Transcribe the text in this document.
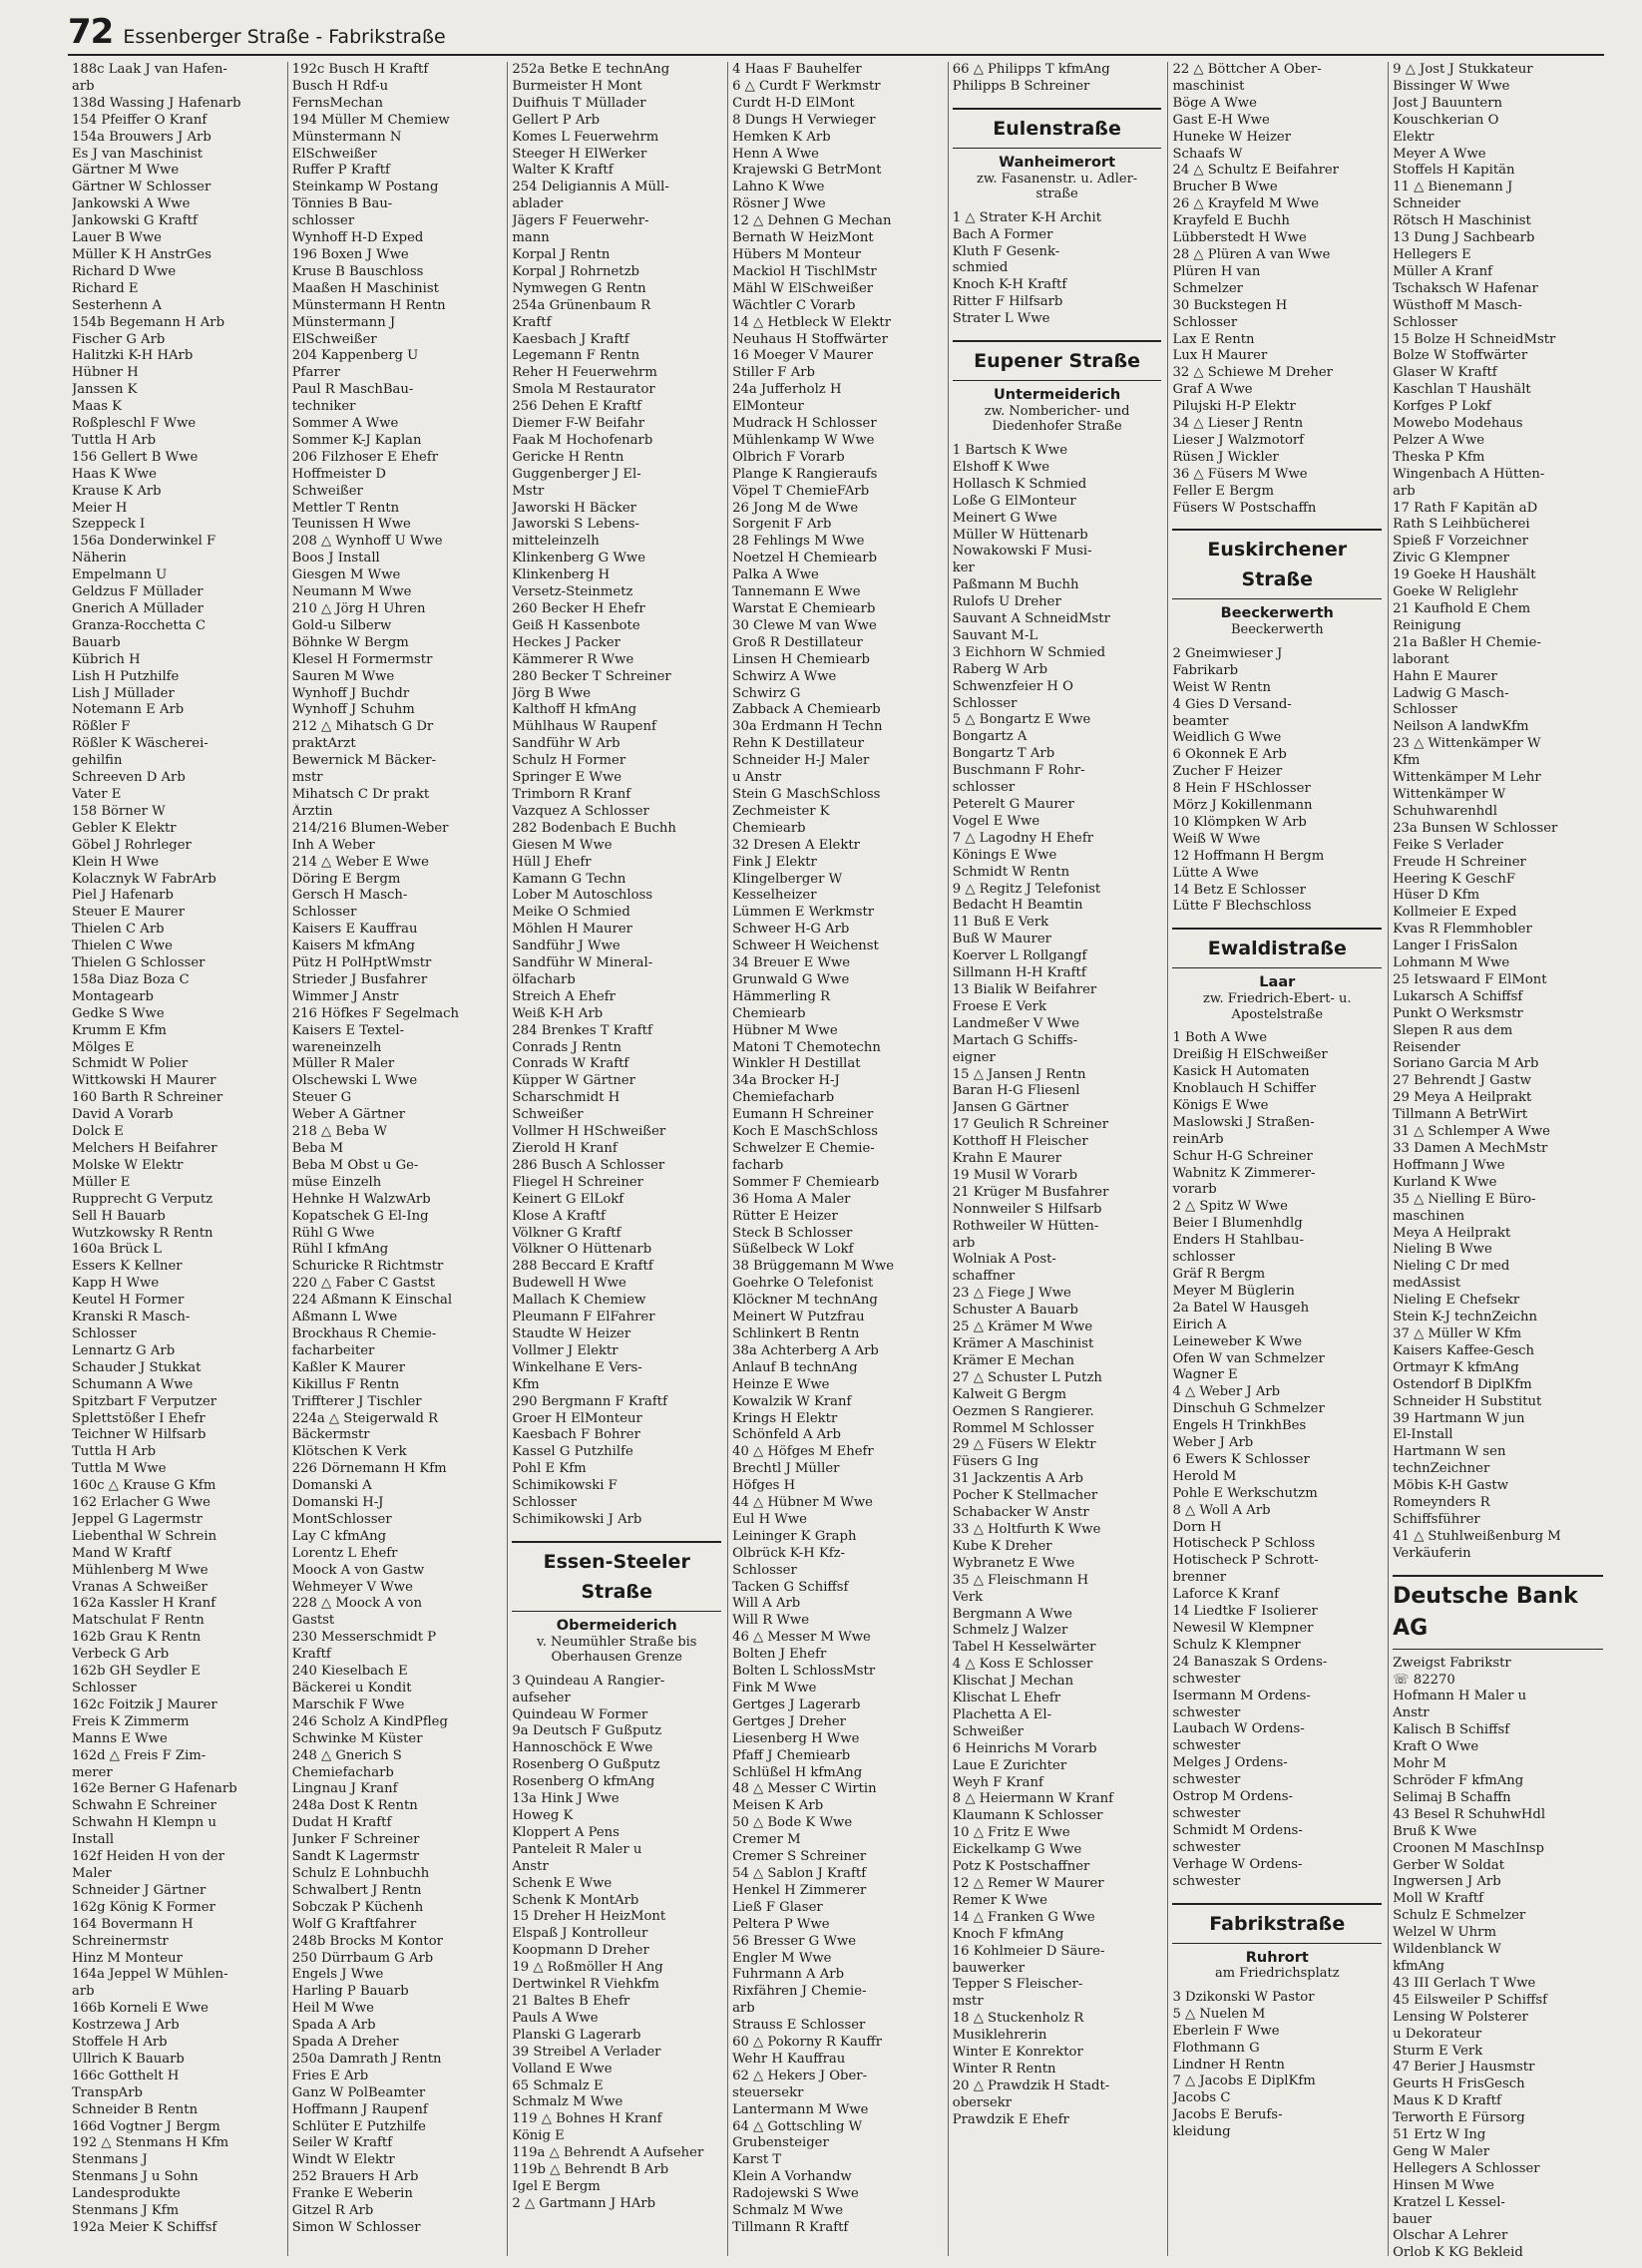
72 Essenberger Straße - Fabrikstraße
188c Laak J van Hafen-
arb
138d Wassing J Hafenarb
154 Pfeiffer O Kranf
154a Brouwers J Arb
Es J van Maschinist
Gärtner M Wwe
Gärtner W Schlosser
Jankowski A Wwe
Jankowski G Kraftf
Lauer B Wwe
Müller K H AnstrGes
Richard D Wwe
Richard E
Sesterhenn A
154b Begemann H Arb
Fischer G Arb
Halitzki K-H HArb
Hübner H
Janssen K
Maas K
Roßpleschl F Wwe
Tuttla H Arb
156 Gellert B Wwe
Haas K Wwe
Krause K Arb
Meier H
Szeppeck I
156a Donderwinkel F
Näherin
Empelmann U
Geldzus F Müllader
Gnerich A Müllader
Granza-Rocchetta C
Bauarb
Kübrich H
Lish H Putzhilfe
Lish J Müllader
Notemann E Arb
Rößler F
Rößler K Wäscherei-
gehilfin
Schreeven D Arb
Vater E
158 Börner W
Gebler K Elektr
Göbel J Rohrleger
Klein H Wwe
Kolacznyk W FabrArb
Piel J Hafenarb
Steuer E Maurer
Thielen C Arb
Thielen C Wwe
Thielen G Schlosser
158a Diaz Boza C
Montagearb
Gedke S Wwe
Krumm E Kfm
Mölges E
Schmidt W Polier
Wittkowski H Maurer
160 Barth R Schreiner
David A Vorarb
Dolck E
Melchers H Beifahrer
Molske W Elektr
Müller E
Rupprecht G Verputz
Sell H Bauarb
Wutzkowsky R Rentn
160a Brück L
Essers K Kellner
Kapp H Wwe
Keutel H Former
Kranski R Masch-
Schlosser
Lennartz G Arb
Schauder J Stukkat
Schumann A Wwe
Spitzbart F Verputzer
Splettstößer I Ehefr
Teichner W Hilfsarb
Tuttla H Arb
Tuttla M Wwe
160c △ Krause G Kfm
162 Erlacher G Wwe
Jeppel G Lagermstr
Liebenthal W Schrein
Mand W Kraftf
Mühlenberg M Wwe
Vranas A Schweißer
162a Kassler H Kranf
Matschulat F Rentn
162b Grau K Rentn
Verbeck G Arb
162b GH Seydler E
Schlosser
162c Foitzik J Maurer
Freis K Zimmerm
Manns E Wwe
162d △ Freis F Zim-
merer
162e Berner G Hafenarb
Schwahn E Schreiner
Schwahn H Klempn u
Install
162f Heiden H von der
Maler
Schneider J Gärtner
162g König K Former
164 Bovermann H
Schreinermstr
Hinz M Monteur
164a Jeppel W Mühlen-
arb
166b Korneli E Wwe
Kostrzewa J Arb
Stoffele H Arb
Ullrich K Bauarb
166c Gotthelt H
TranspArb
Schneider B Rentn
166d Vogtner J Bergm
192 △ Stenmans H Kfm
Stenmans J
Stenmans J u Sohn
Landesprodukte
Stenmans J Kfm
192a Meier K Schiffsf
192c Busch H Kraftf
Busch H Rdf-u
FernsMechan
194 Müller M Chemiew
Münstermann N
ElSchweißer
Ruffer P Kraftf
Steinkamp W Postang
Tönnies B Bau-
schlosser
Wynhoff H-D Exped
196 Boxen J Wwe
Kruse B Bauschloss
Maaßen H Maschinist
Münstermann H Rentn
Münstermann J
ElSchweißer
204 Kappenberg U
Pfarrer
Paul R MaschBau-
techniker
Sommer A Wwe
Sommer K-J Kaplan
206 Filzhoser E Ehefr
Hoffmeister D
Schweißer
Mettler T Rentn
Teunissen H Wwe
208 △ Wynhoff U Wwe
Boos J Install
Giesgen M Wwe
Neumann M Wwe
210 △ Jörg H Uhren
Gold-u Silberw
Böhnke W Bergm
Klesel H Formermstr
Sauren M Wwe
Wynhoff J Buchdr
Wynhoff J Schuhm
212 △ Mihatsch G Dr
praktArzt
Bewernick M Bäcker-
mstr
Mihatsch C Dr prakt
Ärztin
214/216 Blumen-Weber
Inh A Weber
214 △ Weber E Wwe
Döring E Bergm
Gersch H Masch-
Schlosser
Kaisers E Kauffrau
Kaisers M kfmAng
Pütz H PolHptWmstr
Strieder J Busfahrer
Wimmer J Anstr
216 Höfkes F Segelmach
Kaisers E Textel-
wareneinzelh
Müller R Maler
Olschewski L Wwe
Steuer G
Weber A Gärtner
218 △ Beba W
Beba M
Beba M Obst u Ge-
müse Einzelh
Hehnke H WalzwArb
Kopatschek G El-Ing
Rühl G Wwe
Rühl I kfmAng
Schuricke R Richtmstr
220 △ Faber C Gastst
224 Aßmann K Einschal
Aßmann L Wwe
Brockhaus R Chemie-
facharbeiter
Kaßler K Maurer
Kikillus F Rentn
Triffterer J Tischler
224a △ Steigerwald R
Bäckermstr
Klötschen K Verk
226 Dörnemann H Kfm
Domanski A
Domanski H-J
MontSchlosser
Lay C kfmAng
Lorentz L Ehefr
Moock A von Gastw
Wehmeyer V Wwe
228 △ Moock A von
Gastst
230 Messerschmidt P
Kraftf
240 Kieselbach E
Bäckerei u Kondit
Marschik F Wwe
246 Scholz A KindPfleg
Schwinke M Küster
248 △ Gnerich S
Chemiefacharb
Lingnau J Kranf
248a Dost K Rentn
Dudat H Kraftf
Junker F Schreiner
Sandt K Lagermstr
Schulz E Lohnbuchh
Schwalbert J Rentn
Sobczak P Küchenh
Wolf G Kraftfahrer
248b Brocks M Kontor
250 Dürrbaum G Arb
Engels J Wwe
Harling P Bauarb
Heil M Wwe
Spada A Arb
Spada A Dreher
250a Damrath J Rentn
Fries E Arb
Ganz W PolBeamter
Hoffmann J Raupenf
Schlüter E Putzhilfe
Seiler W Kraftf
Windt W Elektr
252 Brauers H Arb
Franke E Weberin
Gitzel R Arb
Simon W Schlosser
252a Betke E technAng
Burmeister H Mont
Duifhuis T Müllader
Gellert P Arb
Komes L Feuerwehrm
Steeger H ElWerker
Walter K Kraftf
254 Deligiannis A Müll-
ablader
Jägers F Feuerwehr-
mann
Korpal J Rentn
Korpal J Rohrnetzb
Nymwegen G Rentn
254a Grünenbaum R
Kraftf
Kaesbach J Kraftf
Legemann F Rentn
Reher H Feuerwehrm
Smola M Restaurator
256 Dehen E Kraftf
Diemer F-W Beifahr
Faak M Hochofenarb
Gericke H Rentn
Guggenberger J El-
Mstr
Jaworski H Bäcker
Jaworski S Lebens-
mitteleinzelh
Klinkenberg G Wwe
Klinkenberg H
Versetz-Steinmetz
260 Becker H Ehefr
Geiß H Kassenbote
Heckes J Packer
Kämmerer R Wwe
280 Becker T Schreiner
Jörg B Wwe
Kalthoff H kfmAng
Mühlhaus W Raupenf
Sandführ W Arb
Schulz H Former
Springer E Wwe
Trimborn R Kranf
Vazquez A Schlosser
282 Bodenbach E Buchh
Giesen M Wwe
Hüll J Ehefr
Kamann G Techn
Lober M Autoschloss
Meike O Schmied
Möhlen H Maurer
Sandführ J Wwe
Sandführ W Mineral-
ölfacharb
Streich A Ehefr
Weiß K-H Arb
284 Brenkes T Kraftf
Conrads J Rentn
Conrads W Kraftf
Küpper W Gärtner
Scharschmidt H
Schweißer
Vollmer H HSchweißer
Zierold H Kranf
286 Busch A Schlosser
Fliegel H Schreiner
Keinert G ElLokf
Klose A Kraftf
Völkner G Kraftf
Völkner O Hüttenarb
288 Beccard E Kraftf
Budewell H Wwe
Mallach K Chemiew
Pleumann F ElFahrer
Staudte W Heizer
Vollmer J Elektr
Winkelhane E Vers-
Kfm
290 Bergmann F Kraftf
Groer H ElMonteur
Kaesbach F Bohrer
Kassel G Putzhilfe
Pohl E Kfm
Schimikowski F
Schlosser
Schimikowski J Arb
Essen-Steeler Straße
Obermeiderich
v. Neumühler Straße bis
Oberhausen Grenze
3 Quindeau A Rangier-
aufseher
Quindeau W Former
9a Deutsch F Gußputz
Hannoschöck E Wwe
Rosenberg O Gußputz
Rosenberg O kfmAng
13a Hink J Wwe
Howeg K
Kloppert A Pens
Panteleit R Maler u
Anstr
Schenk E Wwe
Schenk K MontArb
15 Dreher H HeizMont
Elspaß J Kontrolleur
Koopmann D Dreher
19 △ Roßmöller H Ang
Dertwinkel R Viehkfm
21 Baltes B Ehefr
Pauls A Wwe
Planski G Lagerarb
39 Streibel A Verlader
Volland E Wwe
65 Schmalz E
Schmalz M Wwe
119 △ Bohnes H Kranf
König E
119a △ Behrendt A Aufseher
119b △ Behrendt B Arb
Igel E Bergm
2 △ Gartmann J HArb
4 Haas F Bauhelfer
6 △ Curdt F Werkmstr
Curdt H-D ElMont
8 Dungs H Verwieger
Hemken K Arb
Henn A Wwe
Krajewski G BetrMont
Lahno K Wwe
Rösner J Wwe
12 △ Dehnen G Mechan
Bernath W HeizMont
Hübers M Monteur
Mackiol H TischlMstr
Mähl W ElSchweißer
Wächtler C Vorarb
14 △ Hetbleck W Elektr
Neuhaus H Stoffwärter
16 Moeger V Maurer
Stiller F Arb
24a Jufferholz H
ElMonteur
Mudrack H Schlosser
Mühlenkamp W Wwe
Olbrich F Vorarb
Plange K Rangieraufs
Vöpel T ChemieFArb
26 Jong M de Wwe
Sorgenit F Arb
28 Fehlings M Wwe
Noetzel H Chemiearb
Palka A Wwe
Tannemann E Wwe
Warstat E Chemiearb
30 Clewe M van Wwe
Groß R Destillateur
Linsen H Chemiearb
Schwirz A Wwe
Schwirz G
Zabback A Chemiearb
30a Erdmann H Techn
Rehn K Destillateur
Schneider H-J Maler
u Anstr
Stein G MaschSchloss
Zechmeister K
Chemiearb
32 Dresen A Elektr
Fink J Elektr
Klingelberger W
Kesselheizer
Lümmen E Werkmstr
Schweer H-G Arb
Schweer H Weichenst
34 Breuer E Wwe
Grunwald G Wwe
Hämmerling R
Chemiearb
Hübner M Wwe
Matoni T Chemotechn
Winkler H Destillat
34a Brocker H-J
Chemiefacharb
Eumann H Schreiner
Koch E MaschSchloss
Schwelzer E Chemie-
facharb
Sommer F Chemiearb
36 Homa A Maler
Rütter E Heizer
Steck B Schlosser
Süßelbeck W Lokf
38 Brüggemann M Wwe
Goehrke O Telefonist
Klöckner M technAng
Meinert W Putzfrau
Schlinkert B Rentn
38a Achterberg A Arb
Anlauf B technAng
Heinze E Wwe
Kowalzik W Kranf
Krings H Elektr
Schönfeld A Arb
40 △ Höfges M Ehefr
Brechtl J Müller
Höfges H
44 △ Hübner M Wwe
Eul H Wwe
Leininger K Graph
Olbrück K-H Kfz-
Schlosser
Tacken G Schiffsf
Will A Arb
Will R Wwe
46 △ Messer M Wwe
Bolten J Ehefr
Bolten L SchlossMstr
Fink M Wwe
Gertges J Lagerarb
Gertges J Dreher
Liesenberg H Wwe
Pfaff J Chemiearb
Schlüßel H kfmAng
48 △ Messer C Wirtin
Meisen K Arb
50 △ Bode K Wwe
Cremer M
Cremer S Schreiner
54 △ Sablon J Kraftf
Henkel H Zimmerer
Ließ F Glaser
Peltera P Wwe
56 Bresser G Wwe
Engler M Wwe
Fuhrmann A Arb
Rixfähren J Chemie-
arb
Strauss E Schlosser
60 △ Pokorny R Kauffr
Wehr H Kauffrau
62 △ Hekers J Ober-
steuersekr
Lantermann M Wwe
64 △ Gottschling W
Grubensteiger
Karst T
Klein A Vorhandw
Radojewski S Wwe
Schmalz M Wwe
Tillmann R Kraftf
66 △ Philipps T kfmAng
Philipps B Schreiner
Eulenstraße
Wanheimerort
zw. Fasanenstr. u. Adler-
straße
1 △ Strater K-H Archit
Bach A Former
Kluth F Gesenk-
schmied
Knoch K-H Kraftf
Ritter F Hilfsarb
Strater L Wwe
Eupener Straße
Untermeiderich
zw. Nombericher- und
Diedenhofer Straße
1 Bartsch K Wwe
Elshoff K Wwe
Hollasch K Schmied
Loße G ElMonteur
Meinert G Wwe
Müller W Hüttenarb
Nowakowski F Musi-
ker
Paßmann M Buchh
Rulofs U Dreher
Sauvant A SchneidMstr
Sauvant M-L
3 Eichhorn W Schmied
Raberg W Arb
Schwenzfeier H O
Schlosser
5 △ Bongartz E Wwe
Bongartz A
Bongartz T Arb
Buschmann F Rohr-
schlosser
Peterelt G Maurer
Vogel E Wwe
7 △ Lagodny H Ehefr
Könings E Wwe
Schmidt W Rentn
9 △ Regitz J Telefonist
Bedacht H Beamtin
11 Buß E Verk
Buß W Maurer
Koerver L Rollgangf
Sillmann H-H Kraftf
13 Bialik W Beifahrer
Froese E Verk
Landmeßer V Wwe
Martach G Schiffs-
eigner
15 △ Jansen J Rentn
Baran H-G Fliesenl
Jansen G Gärtner
17 Geulich R Schreiner
Kotthoff H Fleischer
Krahn E Maurer
19 Musil W Vorarb
21 Krüger M Busfahrer
Nonnweiler S Hilfsarb
Rothweiler W Hütten-
arb
Wolniak A Post-
schaffner
23 △ Fiege J Wwe
Schuster A Bauarb
25 △ Krämer M Wwe
Krämer A Maschinist
Krämer E Mechan
27 △ Schuster L Putzh
Kalweit G Bergm
Oezmen S Rangierer.
Rommel M Schlosser
29 △ Füsers W Elektr
Füsers G Ing
31 Jackzentis A Arb
Pocher K Stellmacher
Schabacker W Anstr
33 △ Holtfurth K Wwe
Kube K Dreher
Wybranetz E Wwe
35 △ Fleischmann H
Verk
Bergmann A Wwe
Schmelz J Walzer
Tabel H Kesselwärter
4 △ Koss E Schlosser
Klischat J Mechan
Klischat L Ehefr
Plachetta A El-
Schweißer
6 Heinrichs M Vorarb
Laue E Zurichter
Weyh F Kranf
8 △ Heiermann W Kranf
Klaumann K Schlosser
10 △ Fritz E Wwe
Eickelkamp G Wwe
Potz K Postschaffner
12 △ Remer W Maurer
Remer K Wwe
14 △ Franken G Wwe
Knoch F kfmAng
16 Kohlmeier D Säure-
bauwerker
Tepper S Fleischer-
mstr
18 △ Stuckenholz R
Musiklehrerin
Winter E Konrektor
Winter R Rentn
20 △ Prawdzik H Stadt-
obersekr
Prawdzik E Ehefr
22 △ Böttcher A Ober-
maschinist
Böge A Wwe
Gast E-H Wwe
Huneke W Heizer
Schaafs W
24 △ Schultz E Beifahrer
Brucher B Wwe
26 △ Krayfeld M Wwe
Krayfeld E Buchh
Lübberstedt H Wwe
28 △ Plüren A van Wwe
Plüren H van
Schmelzer
30 Buckstegen H
Schlosser
Lax E Rentn
Lux H Maurer
32 △ Schiewe M Dreher
Graf A Wwe
Pilujski H-P Elektr
34 △ Lieser J Rentn
Lieser J Walzmotorf
Rüsen J Wickler
36 △ Füsers M Wwe
Feller E Bergm
Füsers W Postschaffn
Euskirchener Straße
Beeckerwerth
Beeckerwerth
2 Gneimwieser J
Fabrikarb
Weist W Rentn
4 Gies D Versand-
beamter
Weidlich G Wwe
6 Okonnek E Arb
Zucher F Heizer
8 Hein F HSchlosser
Mörz J Kokillenmann
10 Klömpken W Arb
Weiß W Wwe
12 Hoffmann H Bergm
Lütte A Wwe
14 Betz E Schlosser
Lütte F Blechschloss
Ewaldistraße
Laar
zw. Friedrich-Ebert- u.
Apostelstraße
1 Both A Wwe
Dreißig H ElSchweißer
Kasick H Automaten
Knoblauch H Schiffer
Königs E Wwe
Maslowski J Straßen-
reinArb
Schur H-G Schreiner
Wabnitz K Zimmerer-
vorarb
2 △ Spitz W Wwe
Beier I Blumenhdlg
Enders H Stahlbau-
schlosser
Gräf R Bergm
Meyer M Büglerin
2a Batel W Hausgeh
Eirich A
Leineweber K Wwe
Ofen W van Schmelzer
Wagner E
4 △ Weber J Arb
Dinschuh G Schmelzer
Engels H TrinkhBes
Weber J Arb
6 Ewers K Schlosser
Herold M
Pohle E Werkschutzm
8 △ Woll A Arb
Dorn H
Hotischeck P Schloss
Hotischeck P Schrott-
brenner
Laforce K Kranf
14 Liedtke F Isolierer
Newesil W Klempner
Schulz K Klempner
24 Banaszak S Ordens-
schwester
Isermann M Ordens-
schwester
Laubach W Ordens-
schwester
Melges J Ordens-
schwester
Ostrop M Ordens-
schwester
Schmidt M Ordens-
schwester
Verhage W Ordens-
schwester
Fabrikstraße
Ruhrort
am Friedrichsplatz
3 Dzikonski W Pastor
5 △ Nuelen M
Eberlein F Wwe
Flothmann G
Lindner H Rentn
7 △ Jacobs E DiplKfm
Jacobs C
Jacobs E Berufs-
kleidung
9 △ Jost J Stukkateur
Bissinger W Wwe
Jost J Bauuntern
Kouschkerian O
Elektr
Meyer A Wwe
Stoffels H Kapitän
11 △ Bienemann J
Schneider
Rötsch H Maschinist
13 Dung J Sachbearb
Hellegers E
Müller A Kranf
Tschaksch W Hafenar
Wüsthoff M Masch-
Schlosser
15 Bolze H SchneidMstr
Bolze W Stoffwärter
Glaser W Kraftf
Kaschlan T Haushält
Korfges P Lokf
Mowebo Modehaus
Pelzer A Wwe
Theska P Kfm
Wingenbach A Hütten-
arb
17 Rath F Kapitän aD
Rath S Leihbücherei
Spieß F Vorzeichner
Zivic G Klempner
19 Goeke H Haushält
Goeke W Religlehr
21 Kaufhold E Chem
Reinigung
21a Baßler H Chemie-
laborant
Hahn E Maurer
Ladwig G Masch-
Schlosser
Neilson A landwKfm
23 △ Wittenkämper W
Kfm
Wittenkämper M Lehr
Wittenkämper W
Schuhwarenhdl
23a Bunsen W Schlosser
Feike S Verlader
Freude H Schreiner
Heering K GeschF
Hüser D Kfm
Kollmeier E Exped
Kvas R Flemmhobler
Langer I FrisSalon
Lohmann M Wwe
25 Ietswaard F ElMont
Lukarsch A Schiffsf
Punkt O Werksmstr
Slepen R aus dem
Reisender
Soriano Garcia M Arb
27 Behrendt J Gastw
29 Meya A Heilprakt
Tillmann A BetrWirt
31 △ Schlemper A Wwe
33 Damen A MechMstr
Hoffmann J Wwe
Kurland K Wwe
35 △ Nielling E Büro-
maschinen
Meya A Heilprakt
Nieling B Wwe
Nieling C Dr med
medAssist
Nieling E Chefsekr
Stein K-J technZeichn
37 △ Müller W Kfm
Kaisers Kaffee-Gesch
Ortmayr K kfmAng
Ostendorf B DiplKfm
Schneider H Substitut
39 Hartmann W jun
El-Install
Hartmann W sen
technZeichner
Möbis K-H Gastw
Romeynders R
Schiffsführer
41 △ Stuhlweißenburg M
Verkäuferin
Deutsche Bank AG
Zweigst Fabrikstr
☏ 82270
Hofmann H Maler u
Anstr
Kalisch B Schiffsf
Kraft O Wwe
Mohr M
Schröder F kfmAng
Selimaj B Schaffn
43 Besel R SchuhwHdl
Bruß K Wwe
Croonen M MaschInsp
Gerber W Soldat
Ingwersen J Arb
Moll W Kraftf
Schulz E Schmelzer
Welzel W Uhrm
Wildenblanck W
kfmAng
43 III Gerlach T Wwe
45 Eilsweiler P Schiffsf
Lensing W Polsterer
u Dekorateur
Sturm E Verk
47 Berier J Hausmstr
Geurts H FrisGesch
Maus K D Kraftf
Terworth E Fürsorg
51 Ertz W Ing
Geng W Maler
Hellegers A Schlosser
Hinsen M Wwe
Kratzel L Kessel-
bauer
Olschar A Lehrer
Orlob K KG Bekleid
